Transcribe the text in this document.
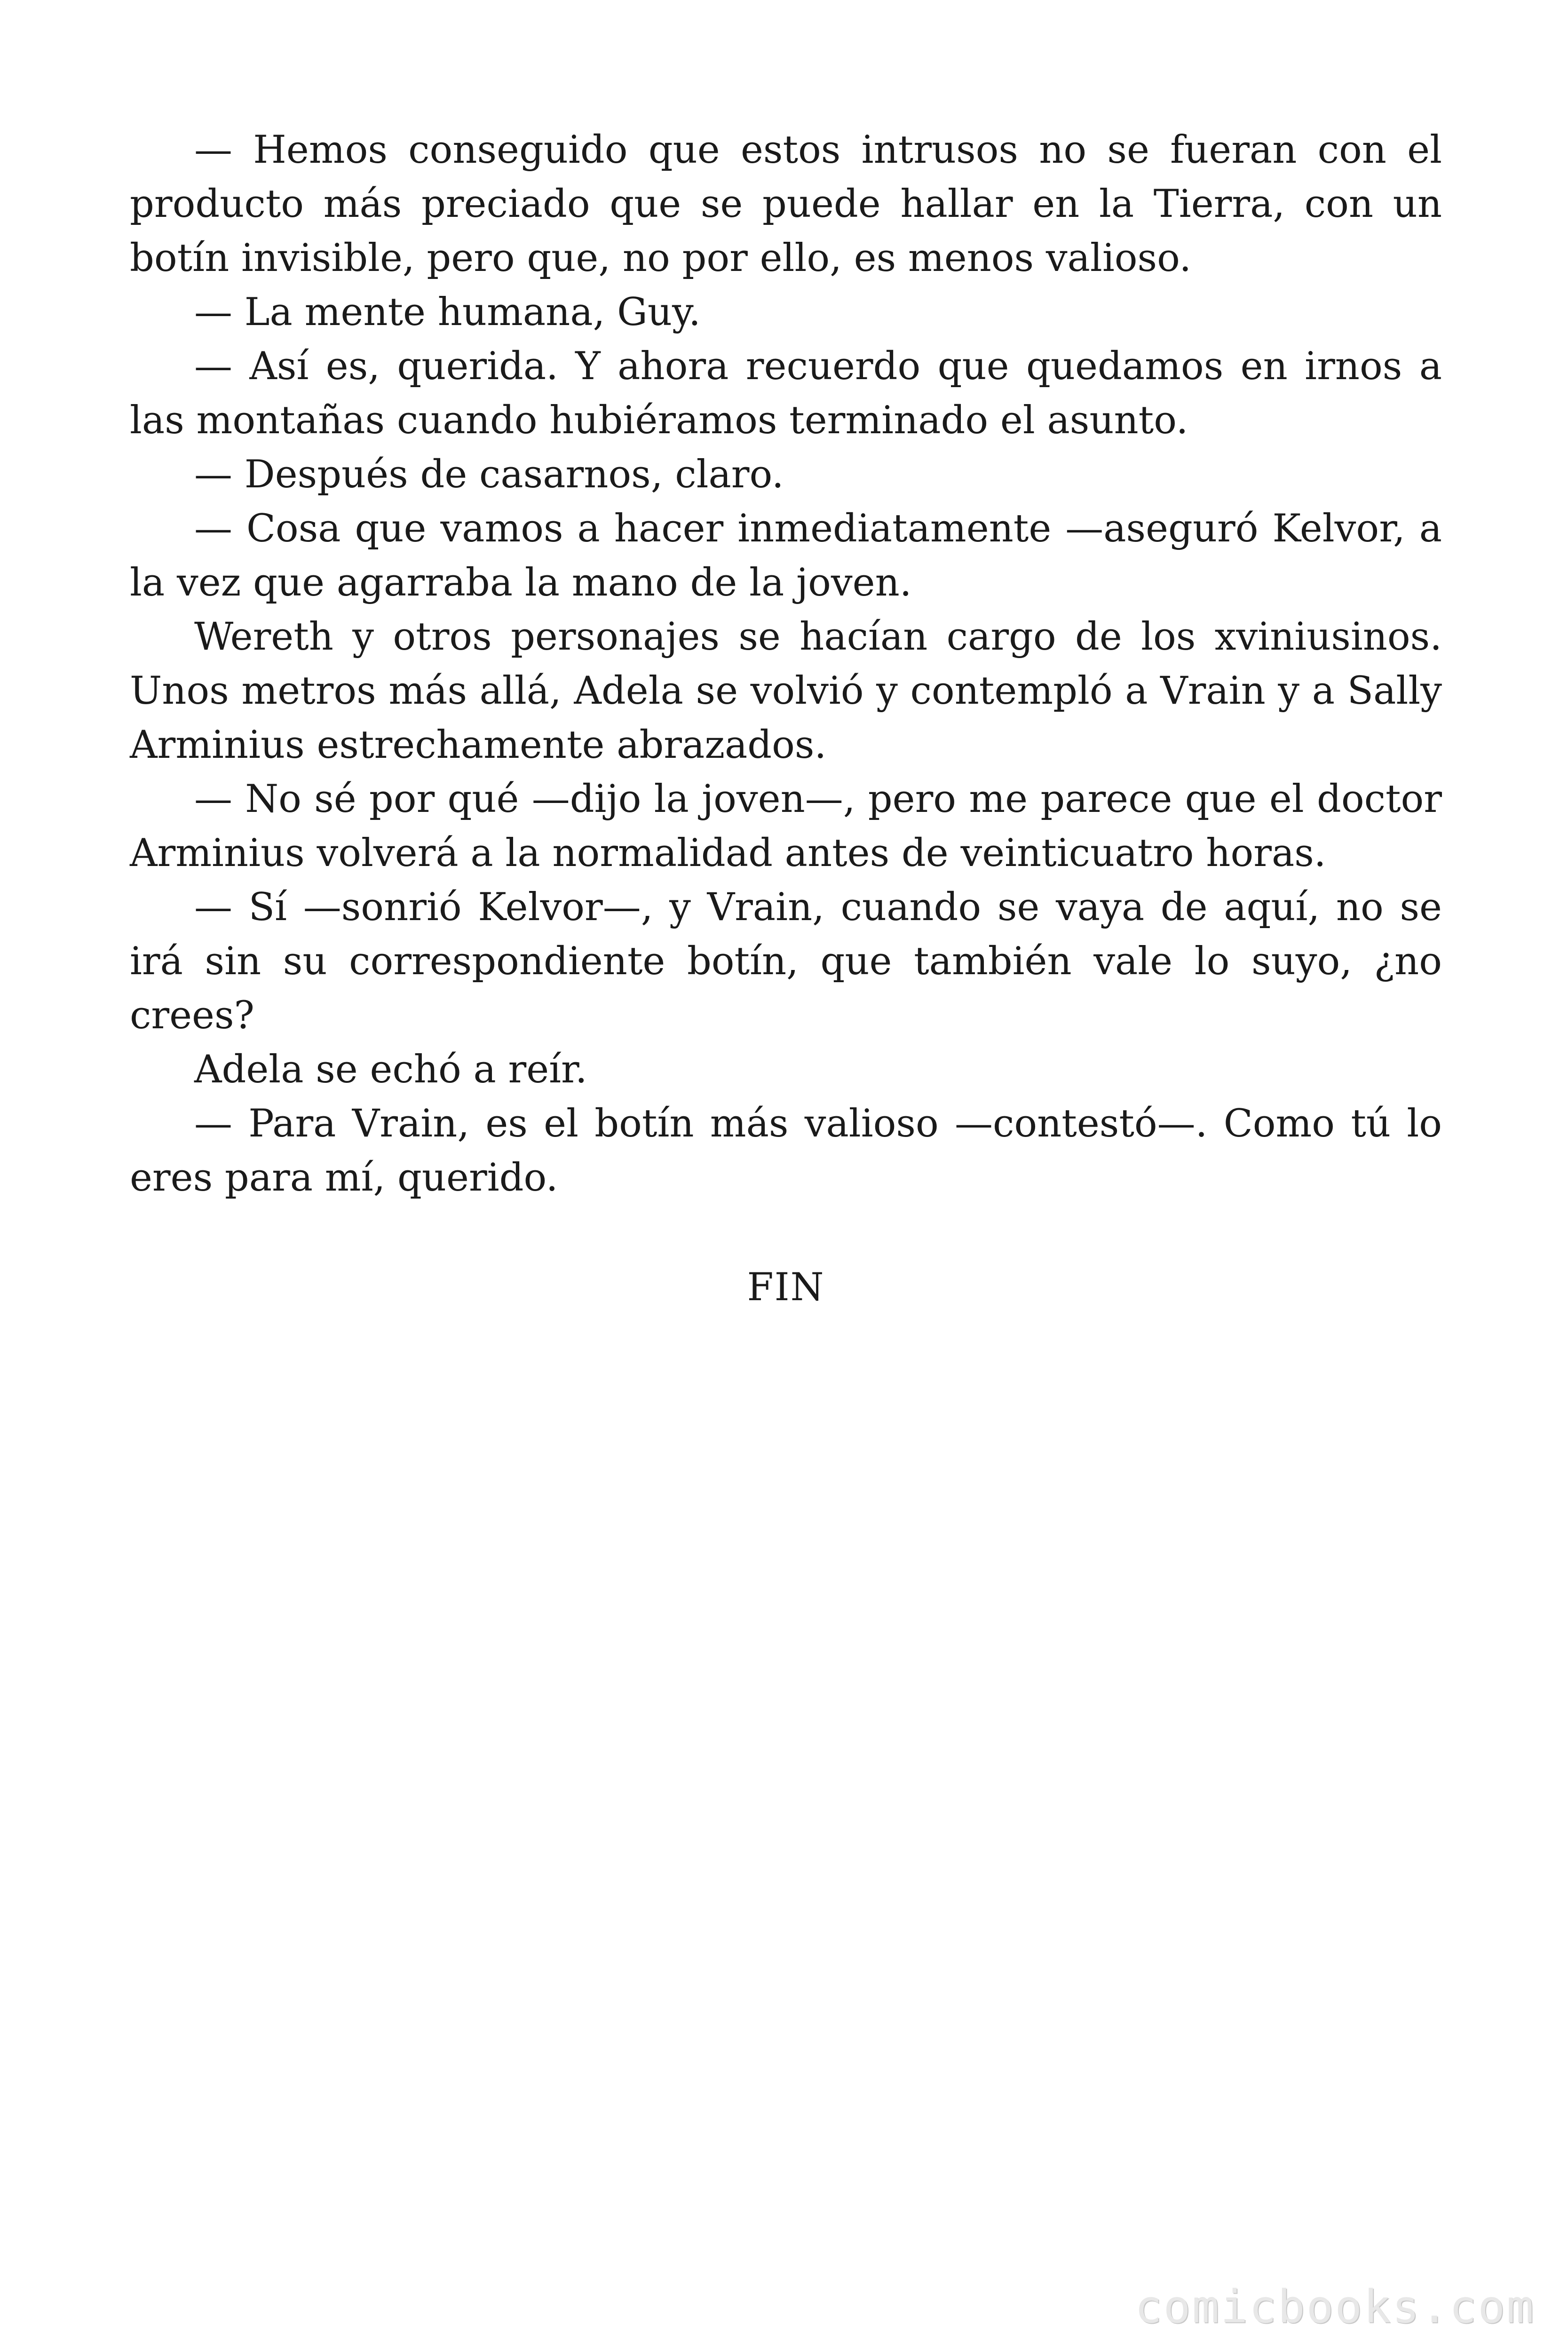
— Hemos conseguido que estos intrusos no se fueran con el producto más preciado que se puede hallar en la Tierra, con un botín invisible, pero que, no por ello, es menos valioso.

— La mente humana, Guy.

— Así es, querida. Y ahora recuerdo que quedamos en irnos a las montañas cuando hubiéramos terminado el asunto.

— Después de casarnos, claro.

— Cosa que vamos a hacer inmediatamente —aseguró Kelvor, a la vez que agarraba la mano de la joven.

Wereth y otros personajes se hacían cargo de los xviniusinos. Unos metros más allá, Adela se volvió y contempló a Vrain y a Sally Arminius estrechamente abrazados.

— No sé por qué —dijo la joven—, pero me parece que el doctor Arminius volverá a la normalidad antes de veinticuatro horas.

— Sí —sonrió Kelvor—, y Vrain, cuando se vaya de aquí, no se irá sin su correspondiente botín, que también vale lo suyo, ¿no crees?

Adela se echó a reír.

— Para Vrain, es el botín más valioso —contestó—. Como tú lo eres para mí, querido.

FIN
comicbooks.com
